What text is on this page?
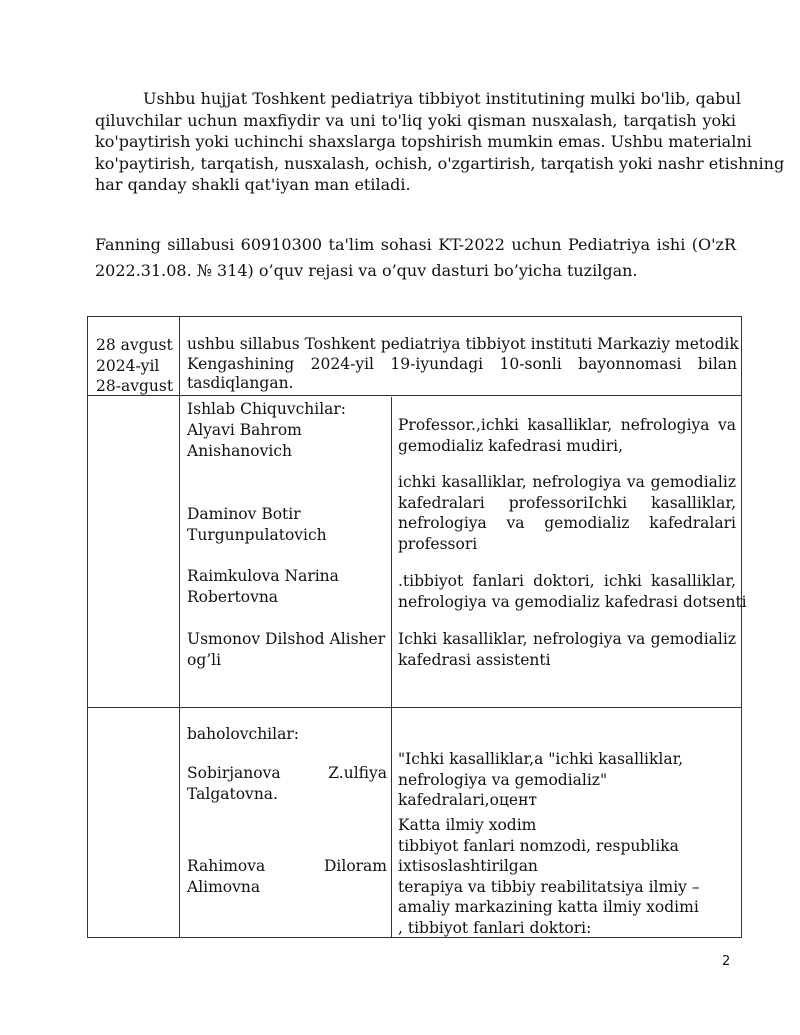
Ushbu hujjat Toshkent pediatriya tibbiyot institutining mulki bo'lib, qabul
qiluvchilar uchun maxfiydir va uni to'liq yoki qisman nusxalash, tarqatish yoki
ko'paytirish yoki uchinchi shaxslarga topshirish mumkin emas. Ushbu materialni
ko'paytirish, tarqatish, nusxalash, ochish, o'zgartirish, tarqatish yoki nashr etishning
har qanday shakli qat'iyan man etiladi.
Fanning sillabusi 60910300 ta'lim sohasi KT-2022 uchun Pediatriya ishi (O'zR
2022.31.08. № 314) o’quv rejasi va o’quv dasturi bo’yicha tuzilgan.
28 avgust
2024-yil
28-avgust
ushbu sillabus Toshkent pediatriya tibbiyot instituti Markaziy metodik
Kengashining 2024-yil 19-iyundagi 10-sonli bayonnomasi bilan
tasdiqlangan.
Ishlab Chiquvchilar:
Alyavi Bahrom
Anishanovich
Professor.,ichki kasalliklar, nefrologiya va
gemodializ kafedrasi mudiri,
Daminov Botir
Turgunpulatovich
ichki kasalliklar, nefrologiya va gemodializ
kafedralari professoriIchki kasalliklar,
nefrologiya va gemodializ kafedralari
professori
Raimkulova Narina
Robertovna
.tibbiyot fanlari doktori, ichki kasalliklar,
nefrologiya va gemodializ kafedrasi dotsenti
Usmonov Dilshod Alisher
og’li
Ichki kasalliklar, nefrologiya va gemodializ
kafedrasi assistenti
baholovchilar:
Sobirjanova Z.ulfiya
Talgatovna.
"Ichki kasalliklar,a "ichki kasalliklar,
nefrologiya va gemodializ" kafedralari,оцент
Rahimova Diloram
Alimovna
Katta ilmiy xodim
tibbiyot fanlari nomzodi, respublika
ixtisoslashtirilgan
terapiya va tibbiy reabilitatsiya ilmiy –
amaliy markazining katta ilmiy xodimi
, tibbiyot fanlari doktori:
2
